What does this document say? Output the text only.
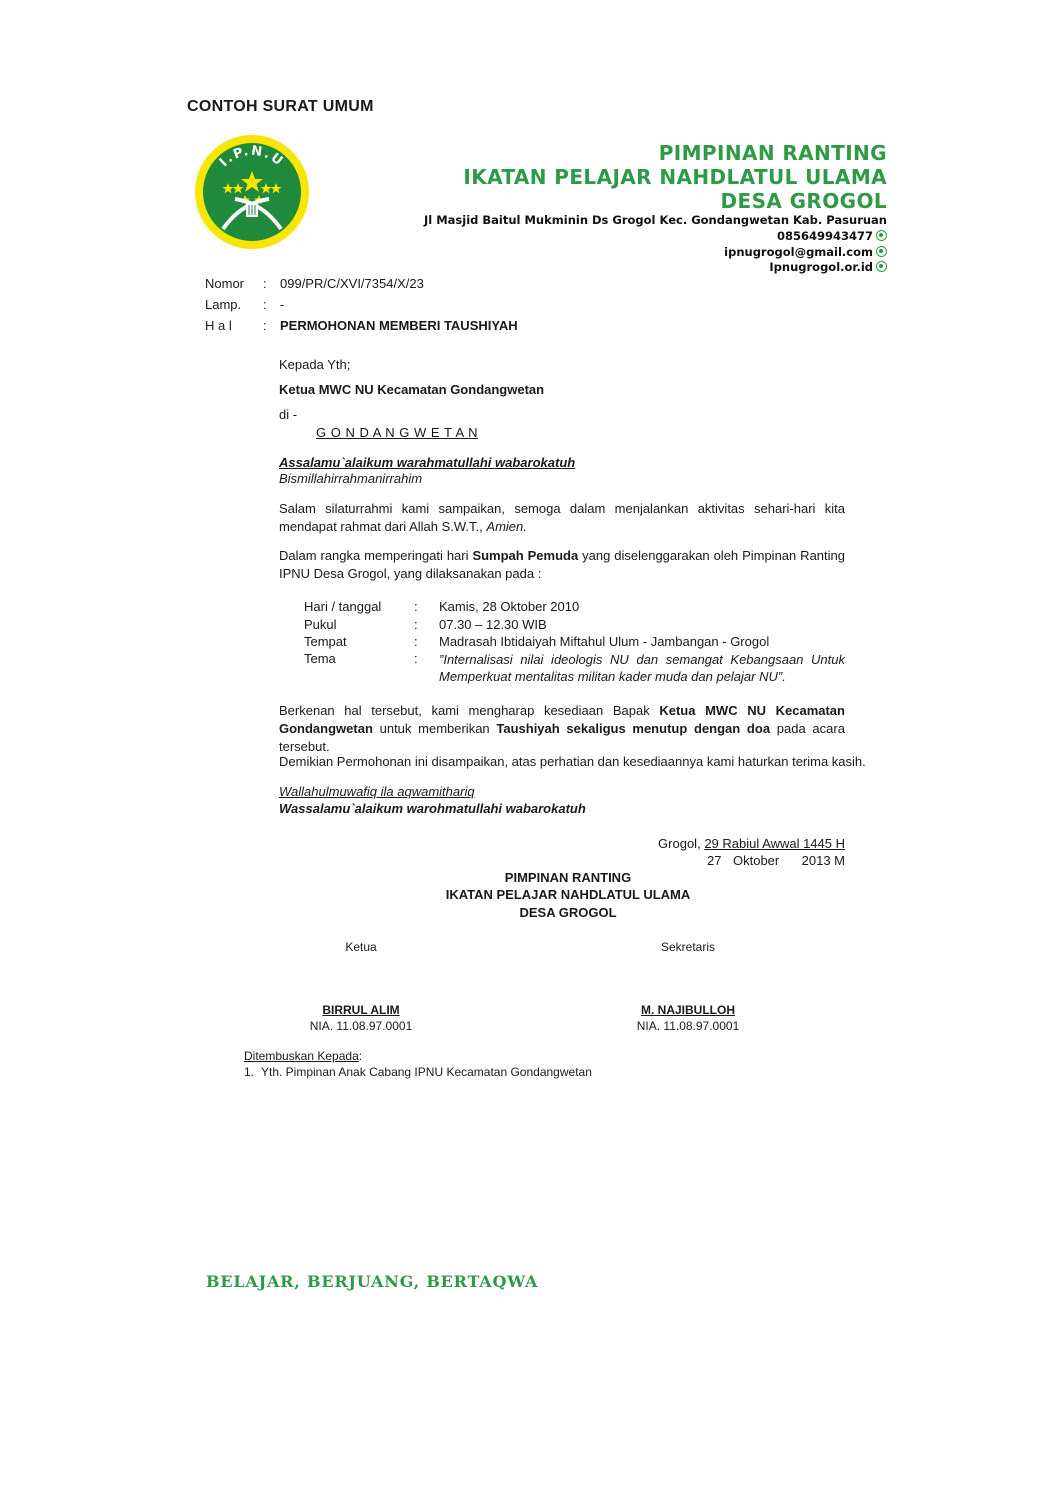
CONTOH SURAT UMUM
I.P.N.U	PIMPINAN RANTING
IKATAN PELAJAR NAHDLATUL ULAMA
DESA GROGOL
Jl Masjid Baitul Mukminin Ds Grogol Kec. Gondangwetan Kab. Pasuruan
085649943477
ipnugrogol@gmail.com
Ipnugrogol.or.id
Nomor	: 099/PR/C/XVI/7354/X/23
Lamp.	: -
H a l	: PERMOHONAN MEMBERI TAUSHIYAH
Kepada Yth;
Ketua MWC NU Kecamatan Gondangwetan
di -
G O N D A N G W E T A N
Assalamu`alaikum warahmatullahi wabarokatuh
Bismillahirrahmanirrahim
Salam silaturrahmi kami sampaikan, semoga dalam menjalankan aktivitas sehari-hari kita mendapat rahmat dari Allah S.W.T., Amien.
Dalam rangka memperingati hari Sumpah Pemuda yang diselenggarakan oleh Pimpinan Ranting IPNU Desa Grogol, yang dilaksanakan pada :
Hari / tanggal	: Kamis, 28 Oktober 2010
Pukul	: 07.30 – 12.30 WIB
Tempat	: Madrasah Ibtidaiyah Miftahul Ulum - Jambangan - Grogol
Tema	: ”Internalisasi nilai ideologis NU dan semangat Kebangsaan Untuk Memperkuat mentalitas militan kader muda dan pelajar NU”.
Berkenan hal tersebut, kami mengharap kesediaan Bapak Ketua MWC NU Kecamatan Gondangwetan untuk memberikan Taushiyah sekaligus menutup dengan doa pada acara tersebut.
Demikian Permohonan ini disampaikan, atas perhatian dan kesediaannya kami haturkan terima kasih.
Wallahulmuwafiq ila aqwamithariq
Wassalamu`alaikum warohmatullahi wabarokatuh
Grogol, 29 Rabiul Awwal 1445 H
27 Oktober 2013 M
PIMPINAN RANTING
IKATAN PELAJAR NAHDLATUL ULAMA
DESA GROGOL
Ketua	Sekretaris
BIRRUL ALIM
NIA. 11.08.97.0001
M. NAJIBULLOH
NIA. 11.08.97.0001
Ditembuskan Kepada:
1. Yth. Pimpinan Anak Cabang IPNU Kecamatan Gondangwetan
BELAJAR, BERJUANG, BERTAQWA
